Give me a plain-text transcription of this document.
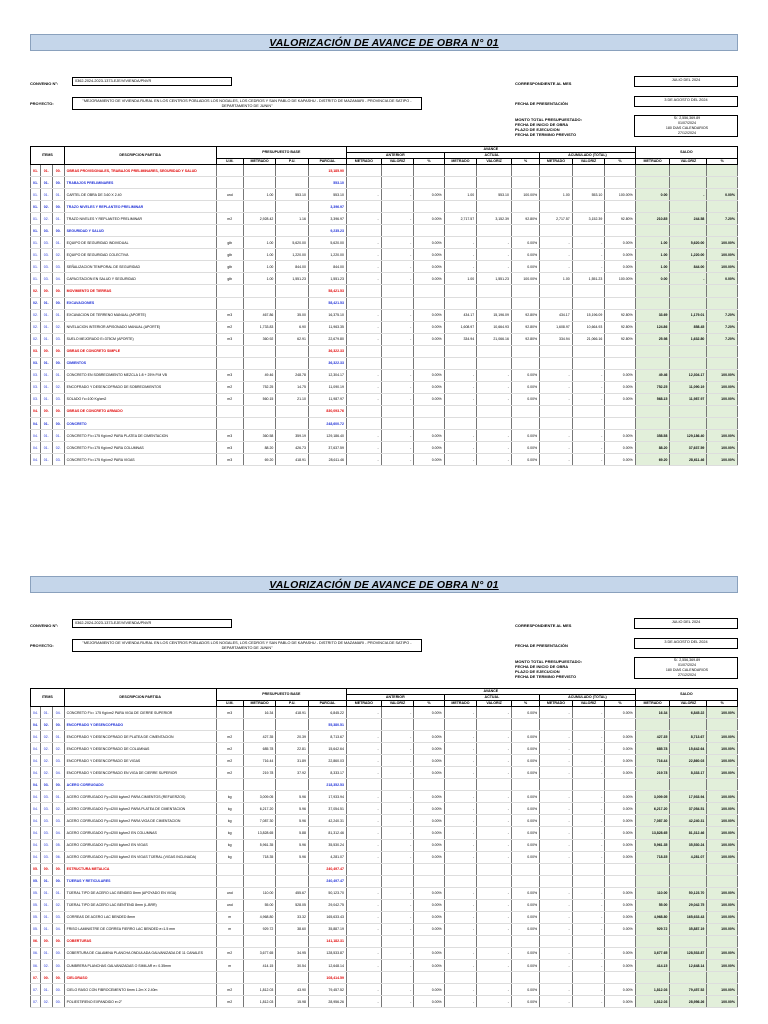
VALORIZACIÓN DE AVANCE DE OBRA N° 01
CONVENIO N°:	0362-2024-2023-1373-EJE/VIVIENDA/PNVR
PROYECTO:	"MEJORAMIENTO DE VIVIENDA RURAL EN LOS CENTROS POBLADOS LOS NOGALES, LOS CEDROS Y SAN PABLO DE KAPASHU - DISTRITO DE MAZAMARI - PROVINCIA DE SATIPO - DEPARTAMENTO DE JUNIN"
CORRESPONDIENTE AL MES
JULIO DEL 2024
FECHA DE PRESENTACIÓN
3 DE AGOSTO DEL 2024
MONTO TOTAL PRESUPUESTADO:
FECHA DE INICIO DE OBRA
PLAZO DE EJECUCION
FECHA DE TERMINO PREVISTO
S/. 2,556,369.89
01/07/2024
180 DIAS CALENDARIOS
27/12/2024
ITEMS			DESCRIPCION PARTIDA	PRESUPUESTO BASE				AVANCE									SALDO		
								ANTERIOR			ACTUAL			ACUMULADO (TOTAL)					
				U.M.	METRADO	P.U.	PARCIAL	METRADO	VALORIZ	%	METRADO	VALORIZ	%	METRADO	VALORIZ	%	METRADO	VALORIZ	%
01.	01.	00.	OBRAS PROVISIONALES, TRABAJOS PRELIMINARES, SEGURIDAD Y SALUD				15,185.90												
01.	01.	00.	TRABAJOS PRELIMINARES				553.10												
01.	01.	01.	CARTEL DE OBRA DE 3.60 X 2.40	und	1.00	553.10	553.10	-	-	0.00%	1.00	553.10	100.00%	1.00	553.10	100.00%	0.00	-	0.00%
01.	02.	00.	TRAZO NIVELES Y REPLANTEO PRELIMINAR				3,396.97												
01.	02.	01.	TRAZO NIVELES Y REPLANTEO PRELIMINAR	m2	2,928.42	1.16	3,396.97	-	-	0.00%	2,717.57	3,152.39	92.80%	2,717.57	3,152.39	92.80%	210.85	244.58	7.20%
01.	03.	00.	SEGURIDAD Y SALUD				9,235.23												
01.	03.	01.	EQUIPO DE SEGURIDAD INDIVIDUAL	glb	1.00	5,620.00	5,620.00	-	-	0.00%	-	-	0.00%	-	-	0.00%	1.00	5,620.00	100.00%
01.	03.	02.	EQUIPO DE SEGURIDAD COLECTIVA	glb	1.00	1,220.00	1,220.00	-	-	0.00%	-	-	0.00%	-	-	0.00%	1.00	1,220.00	100.00%
01.	03.	03.	SEÑALIZACION TEMPORAL DE SEGURIDAD	glb	1.00	844.00	844.00	-	-	0.00%	-	-	0.00%	-	-	0.00%	1.00	844.00	100.00%
01.	03.	04.	CAPACITACION EN SALUD Y SEGURIDAD	glb	1.00	1,551.23	1,551.23	-	-	0.00%	1.00	1,551.23	100.00%	1.00	1,551.23	100.00%	0.00	-	0.00%
02.	00.	00.	MOVIMIENTO DE TIERRAS				58,421.53												
02.	01.	00.	EXCAVACIONES				58,421.53												
02.	01.	01.	EXCAVACION DE TERRENO MANUAL (APORTE)	m3	467.86	35.00	16,375.10	-	-	0.00%	434.17	15,196.09	92.80%	434.17	15,196.09	92.80%	33.69	1,179.01	7.20%
02.	01.	02.	NIVELACION INTERIOR APISONADO MANUAL (APORTE)	m2	1,733.83	6.90	11,963.35	-	-	0.00%	1,608.97	10,664.93	92.80%	1,608.97	10,664.93	92.80%	124.86	858.45	7.20%
02.	01.	03.	SUELO MEJORADO E=375CM (APORTE)	m3	360.92	62.91	22,679.80	-	-	0.00%	334.94	21,066.16	92.80%	334.94	21,066.16	92.80%	25.98	1,632.80	7.20%
03.	00.	00.	OBRAS DE CONCRETO SIMPLE				36,322.33												
03.	01.	00.	CIMIENTOS				36,322.33												
03.	01.	01.	CONCRETO EN SOBRECIMIENTO MEZCLA 1:8 + 25% P.M VB	m3	49.46	248.78	12,304.17	-	-	0.00%	-	-	0.00%	-	-	0.00%	49.46	12,304.17	100.00%
03.	01.	02.	ENCOFRADO Y DESENCOFRADO DE SOBRECIMIENTOS	m2	752.25	14.75	11,090.19	-	-	0.00%	-	-	0.00%	-	-	0.00%	752.25	11,090.19	100.00%
03.	01.	03.	SOLADO f'c=100 Kg/cm2	m2	560.15	21.10	11,987.97	-	-	0.00%	-	-	0.00%	-	-	0.00%	568.15	11,987.97	100.00%
04.	00.	00.	OBRAS DE CONCRETO ARMADO				830,093.76												
04.	01.	00.	CONCRETO				248,600.72												
04.	01.	01.	CONCRETO F'c=175 Kg/cm2 PARA PLATEA DE CIMENTACION	m3	360.58	359.19	129,186.40	-	-	0.00%	-	-	0.00%	-	-	0.00%	358.58	129,186.40	100.00%
04.	01.	02.	CONCRETO F'c=175 Kg/cm2 PARA COLUMNAS	m3	88.20	426.73	37,637.59	-	-	0.00%	-	-	0.00%	-	-	0.00%	88.20	37,637.59	100.00%
04.	01.	03.	CONCRETO F'c=175 Kg/cm2 PARA VIGAS	m3	69.20	418.91	28,611.46	-	-	0.00%	-	-	0.00%	-	-	0.00%	69.20	28,611.46	100.00%
VALORIZACIÓN DE AVANCE DE OBRA N° 01
CONVENIO N°:	0362-2024-2023-1373-EJE/VIVIENDA/PNVR
PROYECTO:	"MEJORAMIENTO DE VIVIENDA RURAL EN LOS CENTROS POBLADOS LOS NOGALES, LOS CEDROS Y SAN PABLO DE KAPASHU - DISTRITO DE MAZAMARI - PROVINCIA DE SATIPO - DEPARTAMENTO DE JUNIN"
CORRESPONDIENTE AL MES
JULIO DEL 2024
FECHA DE PRESENTACIÓN
3 DE AGOSTO DEL 2024
MONTO TOTAL PRESUPUESTADO:
FECHA DE INICIO DE OBRA
PLAZO DE EJECUCION
FECHA DE TERMINO PREVISTO
S/. 2,556,369.89
01/07/2024
180 DIAS CALENDARIOS
27/12/2024
ITEMS			DESCRIPCION PARTIDA	PRESUPUESTO BASE				AVANCE									SALDO		
								ANTERIOR			ACTUAL			ACUMULADO (TOTAL)					
				U.M.	METRADO	P.U.	PARCIAL	METRADO	VALORIZ	%	METRADO	VALORIZ	%	METRADO	VALORIZ	%	METRADO	VALORIZ	%
04.	01.	04.	CONCRETO F'c= 175 Kg/cm2 PARA VIGA DE CIERRE SUPERIOR	m3	16.34	418.91	6,845.22	-	-	0.00%	-	-	0.00%	-	-	0.00%	16.34	6,845.22	100.00%
04.	02.	00.	ENCOFRADO Y DESENCOFRADO				55,380.51												
04.	02.	01.	ENCOFRADO Y DESENCOFRADO DE PLATEA DE CIMENTACION	m2	427.35	20.39	8,713.67	-	-	0.00%	-	-	0.00%	-	-	0.00%	427.35	8,713.67	100.00%
04.	02.	02.	ENCOFRADO Y DESENCOFRADO DE COLUMNAS	m2	685.78	22.81	15,642.64	-	-	0.00%	-	-	0.00%	-	-	0.00%	685.78	15,642.64	100.00%
04.	02.	03.	ENCOFRADO Y DESENCOFRADO DE VIGAS	m2	716.44	31.89	22,860.03	-	-	0.00%	-	-	0.00%	-	-	0.00%	716.44	22,860.03	100.00%
04.	02.	04.	ENCOFRADO Y DESENCOFRADO EN VIGA DE CIERRE SUPERIOR	m2	219.78	37.92	8,333.17	-	-	0.00%	-	-	0.00%	-	-	0.00%	219.78	8,333.17	100.00%
04.	03.	00.	ACERO CORRUGADO				218,352.53												
04.	03.	01.	ACERO CORRUGADO Fy=4200 kg/cm2 PARA CIMIENTOS (REFUERZOS)	kg	3,009.05	5.96	17,933.94	-	-	0.00%	-	-	0.00%	-	-	0.00%	3,009.05	17,933.94	100.00%
04.	03.	02.	ACERO CORRUGADO Fy=4200 kg/cm2 PARA PLATEA DE CIMENTACION	kg	6,217.20	5.96	37,054.51	-	-	0.00%	-	-	0.00%	-	-	0.00%	6,217.20	37,054.51	100.00%
04.	03.	03.	ACERO CORRUGADO Fy=4200 kg/cm2 PARA VIGA DE CIMENTACION	kg	7,087.30	5.96	42,240.31	-	-	0.00%	-	-	0.00%	-	-	0.00%	7,087.30	42,240.31	100.00%
04.	03.	04.	ACERO CORRUGADO Fy=4200 kg/cm2 EN COLUMNAS	kg	13,828.65	5.88	81,312.46	-	-	0.00%	-	-	0.00%	-	-	0.00%	13,828.65	81,312.46	100.00%
04.	03.	05.	ACERO CORRUGADO Fy=4200 kg/cm2 EN VIGAS	kg	5,961.35	5.96	35,530.24	-	-	0.00%	-	-	0.00%	-	-	0.00%	5,961.35	35,530.24	100.00%
04.	03.	06.	ACERO CORRUGADO Fy=4200 kg/cm2 EN VIGAS TIJERAL (VIGAS INCLINADA)	kg	718.35	5.96	4,281.07	-	-	0.00%	-	-	0.00%	-	-	0.00%	718.35	4,281.07	100.00%
05.	00.	00.	ESTRUCTURA METALICA				240,497.47												
05.	01.	00.	TIJERAS Y RETICULARES				240,497.47												
05.	01.	01.	TIJERAL TIPO DE ACERO LAC BENDED 8mm (APOYADO EN VIGA)	und	110.00	455.67	50,123.70	-	-	0.00%	-	-	0.00%	-	-	0.00%	110.00	50,123.70	100.00%
05.	01.	02.	TIJERAL TIPO DE ACERO LAC BENTEND 8mm (L-BRR)	und	55.00	528.05	29,042.75	-	-	0.00%	-	-	0.00%	-	-	0.00%	55.00	29,042.75	100.00%
05.	01.	03.	CORREAS DE ACERO LAC BENDED 8mm	m	4,968.80	33.32	165,633.43	-	-	0.00%	-	-	0.00%	-	-	0.00%	4,968.80	165,633.43	100.00%
05.	01.	04.	FRISO LAMINISTRE DE CORREA FIERRO LAC BENDED e=1.5 mm	m	929.72	38.60	35,887.19	-	-	0.00%	-	-	0.00%	-	-	0.00%	929.72	35,887.19	100.00%
06.	00.	00.	COBERTURAS				141,182.31												
06.	01.	00.	COBERTURA DE CALAMINA PLANCHA ONDULADA GALVANIZADA DE 11 CANALES	m2	3,677.65	34.95	128,533.87	-	-	0.00%	-	-	0.00%	-	-	0.00%	3,677.65	128,533.87	100.00%
06.	02.	00.	CUMBRERA PLANCHAS GALVANIZADAS O SIMILAR e= 0.35mm	m	414.15	30.54	12,648.14	-	-	0.00%	-	-	0.00%	-	-	0.00%	414.15	12,648.14	100.00%
07.	00.	00.	CIELORASO				108,414.59												
07.	01.	00.	CIELO RASO CON FIBROCEMENTO 6mm 1.2m X 2.40m	m2	1,812.03	43.90	79,457.52	-	-	0.00%	-	-	0.00%	-	-	0.00%	1,812.03	79,457.52	100.00%
07.	02.	00.	POLIESTIRENO EXPANDIDO e=2"	m2	1,812.03	15.98	28,956.26	-	-	0.00%	-	-	0.00%	-	-	0.00%	1,812.03	28,956.26	100.00%
